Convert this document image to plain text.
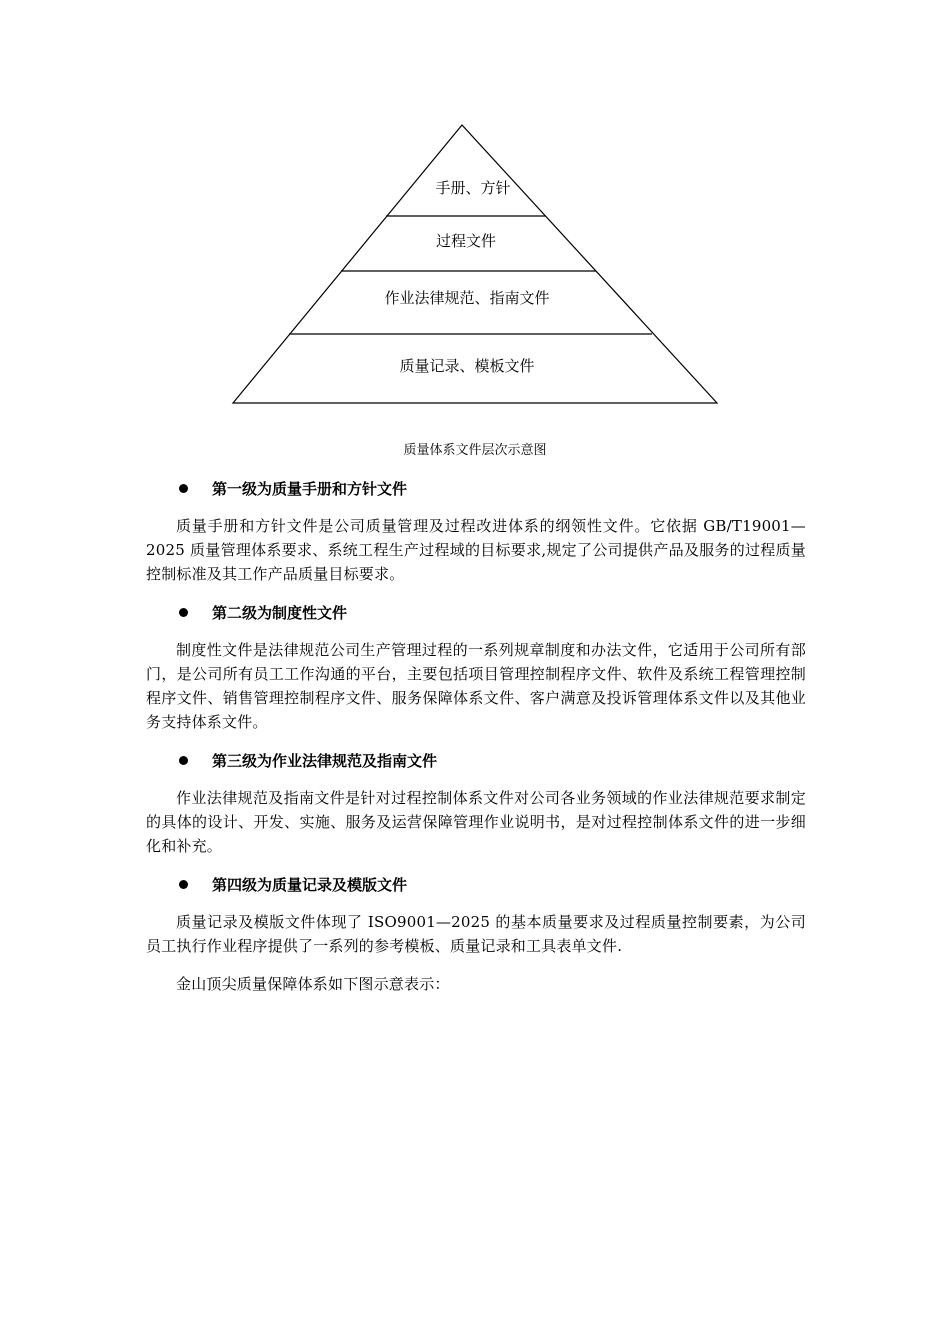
手册、方针
过程文件
作业法律规范、指南文件
质量记录、模板文件
质量体系文件层次示意图
第一级为质量手册和方针文件

质量手册和方针文件是公司质量管理及过程改进体系的纲领性文件。它依据 GB/T19001—2025 质量管理体系要求、系统工程生产过程域的目标要求,规定了公司提供产品及服务的过程质量控制标准及其工作产品质量目标要求。

第二级为制度性文件

制度性文件是法律规范公司生产管理过程的一系列规章制度和办法文件，它适用于公司所有部门，是公司所有员工工作沟通的平台，主要包括项目管理控制程序文件、软件及系统工程管理控制程序文件、销售管理控制程序文件、服务保障体系文件、客户满意及投诉管理体系文件以及其他业务支持体系文件。

第三级为作业法律规范及指南文件

作业法律规范及指南文件是针对过程控制体系文件对公司各业务领域的作业法律规范要求制定的具体的设计、开发、实施、服务及运营保障管理作业说明书，是对过程控制体系文件的进一步细化和补充。

第四级为质量记录及模版文件

质量记录及模版文件体现了 ISO9001—2025 的基本质量要求及过程质量控制要素，为公司员工执行作业程序提供了一系列的参考模板、质量记录和工具表单文件.

金山顶尖质量保障体系如下图示意表示：
